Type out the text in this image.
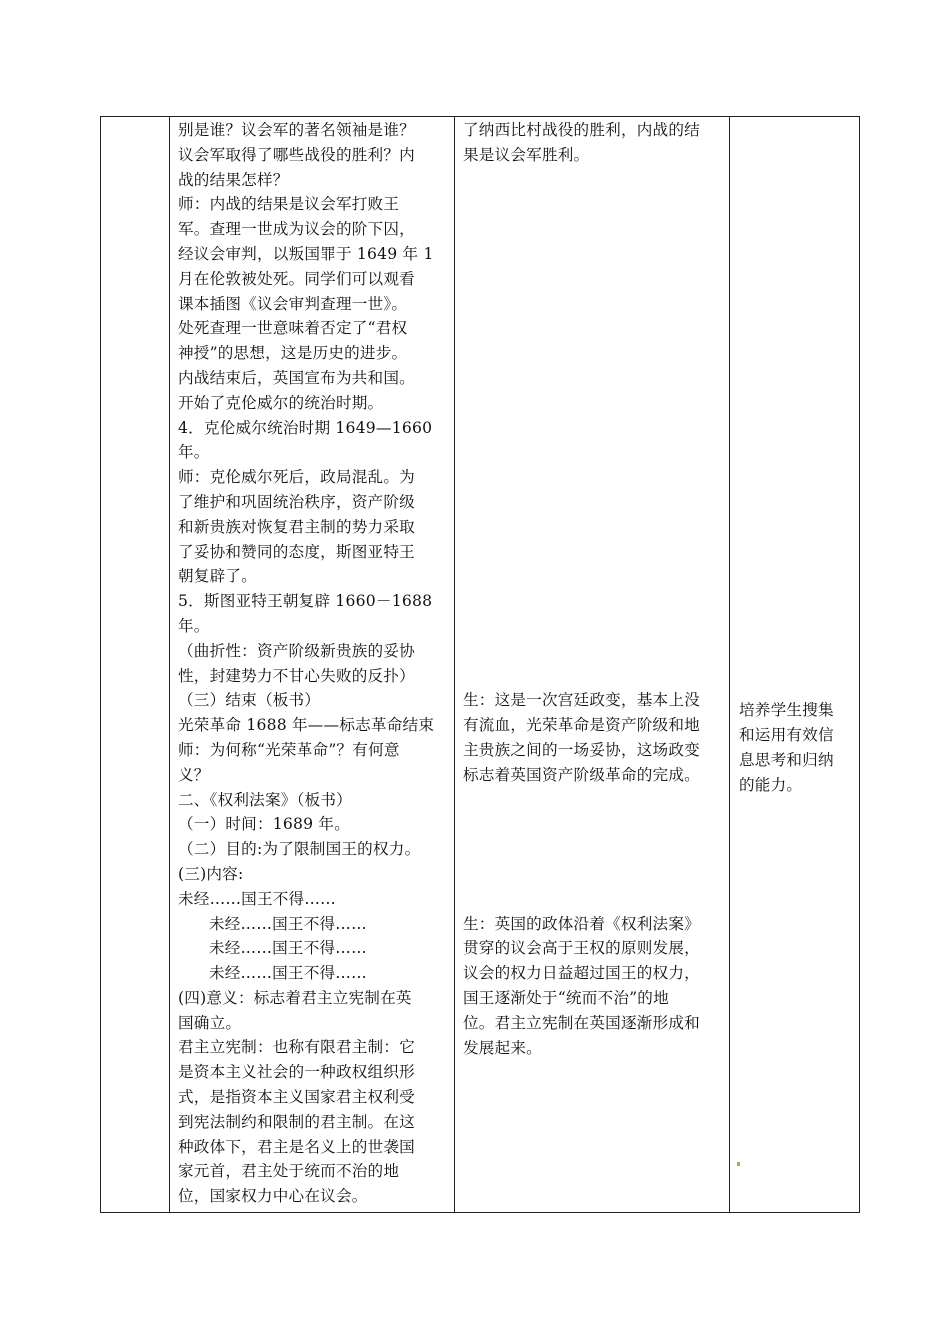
别是谁？议会军的著名领袖是谁？
议会军取得了哪些战役的胜利？内
战的结果怎样？
师：内战的结果是议会军打败王
军。查理一世成为议会的阶下囚，
经议会审判，以叛国罪于 1649 年 1
月在伦敦被处死。同学们可以观看
课本插图《议会审判查理一世》。
处死查理一世意味着否定了“君权
神授”的思想，这是历史的进步。
内战结束后，英国宣布为共和国。
开始了克伦威尔的统治时期。
4．克伦威尔统治时期 1649—1660
年。
师：克伦威尔死后，政局混乱。为
了维护和巩固统治秩序，资产阶级
和新贵族对恢复君主制的势力采取
了妥协和赞同的态度，斯图亚特王
朝复辟了。
5．斯图亚特王朝复辟 1660－1688
年。
（曲折性：资产阶级新贵族的妥协
性，封建势力不甘心失败的反扑）
（三）结束（板书）
光荣革命 1688 年——标志革命结束
师：为何称“光荣革命”？有何意
义？
二、《权利法案》（板书）
（一）时间：1689 年。
（二）目的:为了限制国王的权力。
(三)内容:
未经……国王不得……
未经……国王不得……
未经……国王不得……
未经……国王不得……
(四)意义：标志着君主立宪制在英
国确立。
君主立宪制：也称有限君主制：它
是资本主义社会的一种政权组织形
式，是指资本主义国家君主权利受
到宪法制约和限制的君主制。在这
种政体下，君主是名义上的世袭国
家元首，君主处于统而不治的地
位，国家权力中心在议会。
了纳西比村战役的胜利，内战的结
果是议会军胜利。
生：这是一次宫廷政变，基本上没
有流血，光荣革命是资产阶级和地
主贵族之间的一场妥协，这场政变
标志着英国资产阶级革命的完成。
生：英国的政体沿着《权利法案》
贯穿的议会高于王权的原则发展，
议会的权力日益超过国王的权力，
国王逐渐处于“统而不治”的地
位。君主立宪制在英国逐渐形成和
发展起来。
培养学生搜集
和运用有效信
息思考和归纳
的能力。
